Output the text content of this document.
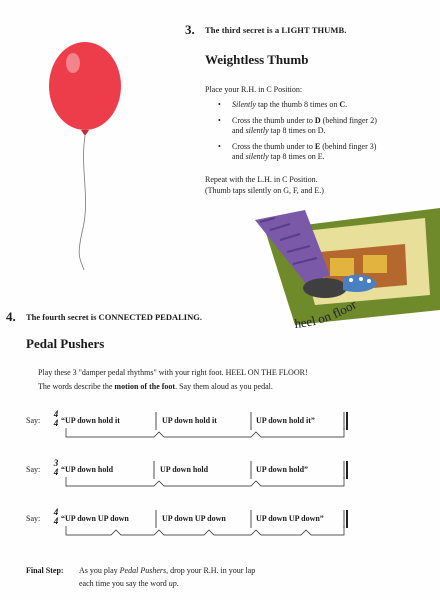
3. The third secret is a LIGHT THUMB.
Weightless Thumb
Place your R.H. in C Position:
• Silently tap the thumb 8 times on C.
• Cross the thumb under to D (behind finger 2)
and silently tap 8 times on D.
• Cross the thumb under to E (behind finger 3)
and silently tap 8 times on E.
Repeat with the L.H. in C Position.
(Thumb taps silently on G, F, and E.)
heel on floor
4. The fourth secret is CONNECTED PEDALING.
Pedal Pushers
Play these 3 "damper pedal rhythms" with your right foot. HEEL ON THE FLOOR!
The words describe the motion of the foot. Say them aloud as you pedal.
Say:
4
4 “UP down hold it	UP down hold it	UP down hold it”
Say:
3
4 “UP down hold	UP down hold	UP down hold”
Say:
4
4 “UP down UP down	UP down UP down	UP down UP down”
Final Step: As you play Pedal Pushers, drop your R.H. in your lap
each time you say the word up.
